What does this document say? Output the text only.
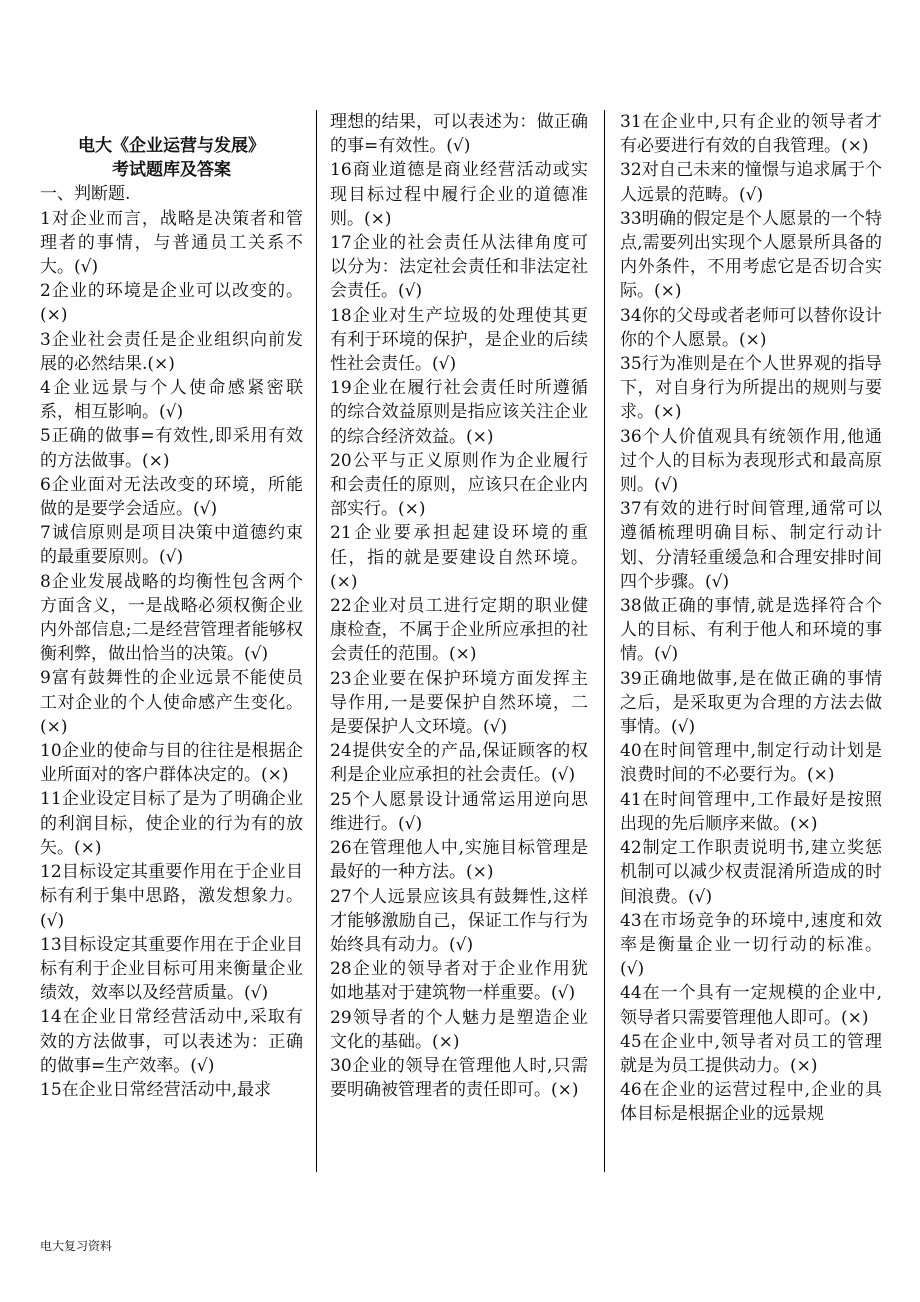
电大《企业运营与发展》

考试题库及答案

一、判断题.

1对企业而言，战略是决策者和管理者的事情，与普通员工关系不大。(√)

2企业的环境是企业可以改变的。(×)

3企业社会责任是企业组织向前发展的必然结果.(×)

4企业远景与个人使命感紧密联系，相互影响。(√)

5正确的做事=有效性,即采用有效的方法做事。(×)

6企业面对无法改变的环境，所能做的是要学会适应。(√)

7诚信原则是项目决策中道德约束的最重要原则。(√)

8企业发展战略的均衡性包含两个方面含义，一是战略必须权衡企业内外部信息;二是经营管理者能够权衡利弊，做出恰当的决策。(√)

9富有鼓舞性的企业远景不能使员工对企业的个人使命感产生变化。(×)

10企业的使命与目的往往是根据企业所面对的客户群体决定的。(×)

11企业设定目标了是为了明确企业的利润目标，使企业的行为有的放矢。(×)

12目标设定其重要作用在于企业目标有利于集中思路，激发想象力。(√)

13目标设定其重要作用在于企业目标有利于企业目标可用来衡量企业绩效，效率以及经营质量。(√)

14在企业日常经营活动中,采取有效的方法做事，可以表述为：正确的做事=生产效率。(√)

15在企业日常经营活动中,最求

理想的结果，可以表述为：做正确的事=有效性。(√)

16商业道德是商业经营活动或实现目标过程中履行企业的道德准则。(×)

17企业的社会责任从法律角度可以分为：法定社会责任和非法定社会责任。(√)

18企业对生产垃圾的处理使其更有利于环境的保护，是企业的后续性社会责任。(√)

19企业在履行社会责任时所遵循的综合效益原则是指应该关注企业的综合经济效益。(×)

20公平与正义原则作为企业履行和会责任的原则，应该只在企业内部实行。(×)

21企业要承担起建设环境的重任，指的就是要建设自然环境。(×)

22企业对员工进行定期的职业健康检查，不属于企业所应承担的社会责任的范围。(×)

23企业要在保护环境方面发挥主导作用,一是要保护自然环境，二是要保护人文环境。(√)

24提供安全的产品,保证顾客的权利是企业应承担的社会责任。(√)

25个人愿景设计通常运用逆向思维进行。(√)

26在管理他人中,实施目标管理是最好的一种方法。(×)

27个人远景应该具有鼓舞性,这样才能够激励自己，保证工作与行为始终具有动力。(√)

28企业的领导者对于企业作用犹如地基对于建筑物一样重要。(√)

29领导者的个人魅力是塑造企业文化的基础。(×)

30企业的领导在管理他人时,只需要明确被管理者的责任即可。(×)

31在企业中,只有企业的领导者才有必要进行有效的自我管理。(×)

32对自己未来的憧憬与追求属于个人远景的范畴。(√)

33明确的假定是个人愿景的一个特点,需要列出实现个人愿景所具备的内外条件，不用考虑它是否切合实际。(×)

34你的父母或者老师可以替你设计你的个人愿景。(×)

35行为准则是在个人世界观的指导下，对自身行为所提出的规则与要求。(×)

36个人价值观具有统领作用,他通过个人的目标为表现形式和最高原则。(√)

37有效的进行时间管理,通常可以遵循梳理明确目标、制定行动计划、分清轻重缓急和合理安排时间四个步骤。(√)

38做正确的事情,就是选择符合个人的目标、有利于他人和环境的事情。(√)

39正确地做事,是在做正确的事情之后，是采取更为合理的方法去做事情。(√)

40在时间管理中,制定行动计划是浪费时间的不必要行为。(×)

41在时间管理中,工作最好是按照出现的先后顺序来做。(×)

42制定工作职责说明书,建立奖惩机制可以减少权责混淆所造成的时间浪费。(√)

43在市场竞争的环境中,速度和效率是衡量企业一切行动的标准。(√)

44在一个具有一定规模的企业中,领导者只需要管理他人即可。(×)

45在企业中,领导者对员工的管理就是为员工提供动力。(×)

46在企业的运营过程中,企业的具体目标是根据企业的远景规

电大复习资料
